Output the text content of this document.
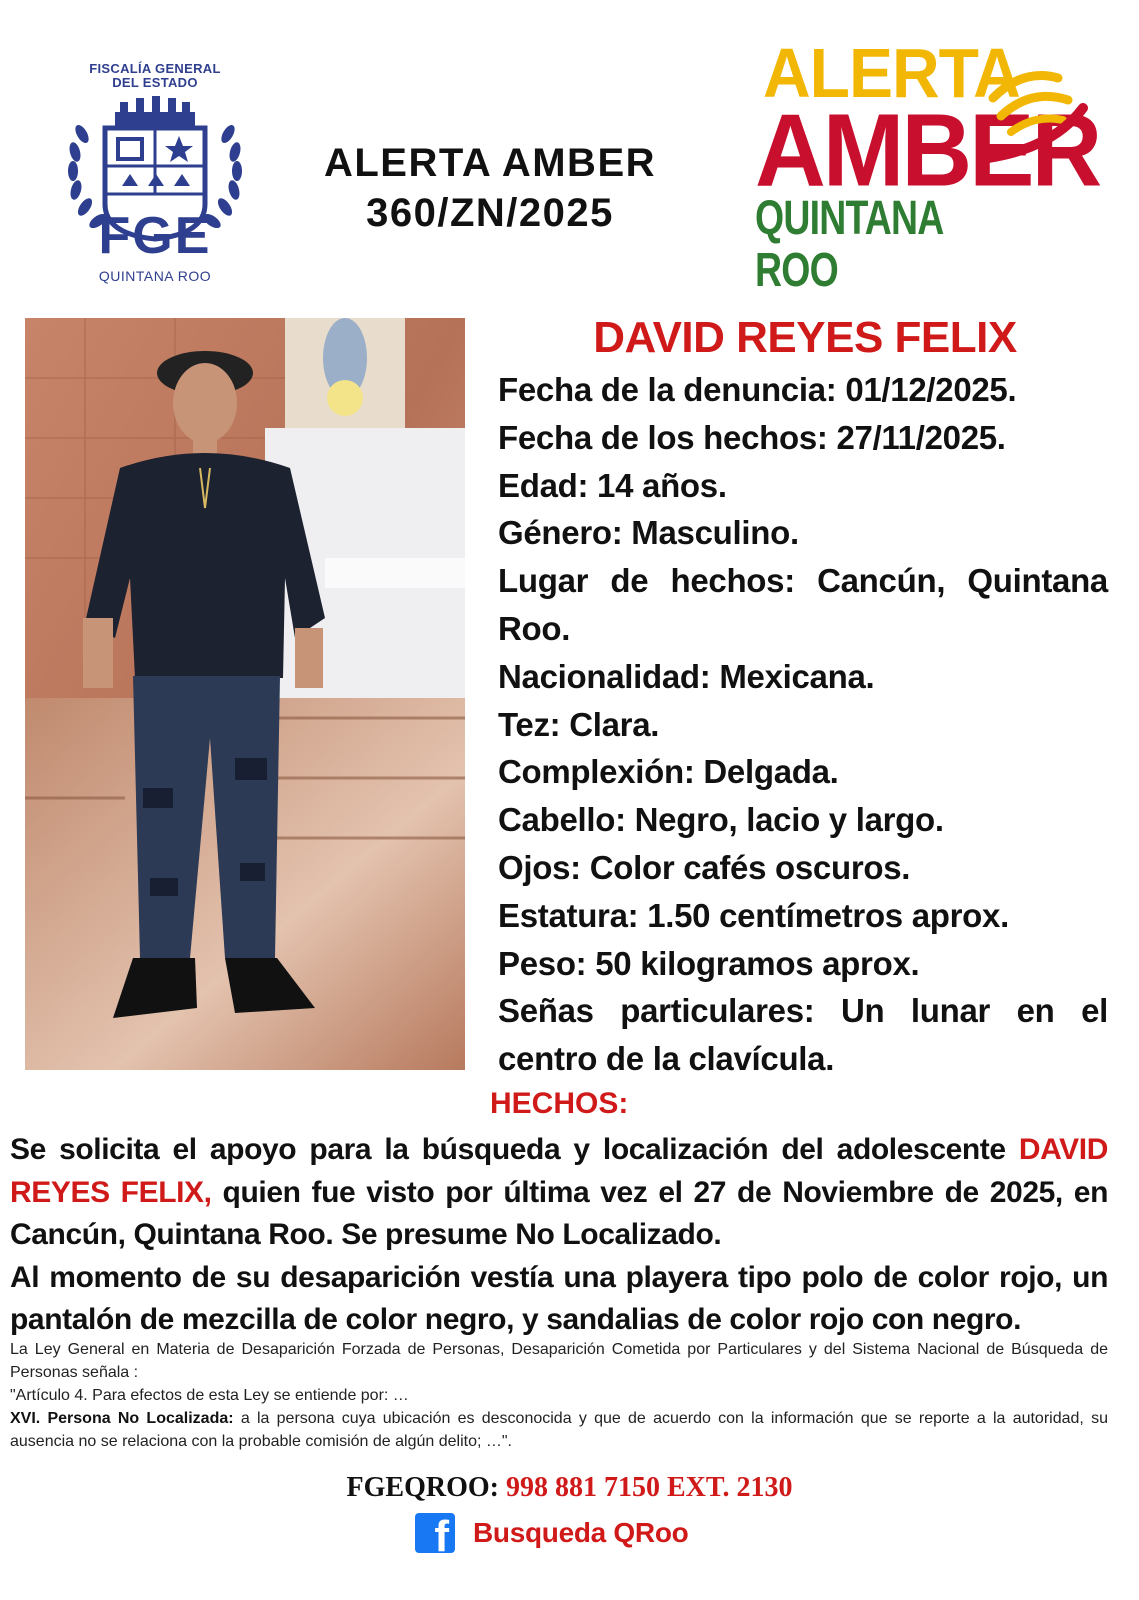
FISCALÍA GENERAL
DEL ESTADO
FGE
QUINTANA ROO
ALERTA AMBER
360/ZN/2025
ALERTA
AMBER
QUINTANA ROO
DAVID REYES FELIX
Fecha de la denuncia: 01/12/2025.
Fecha de los hechos: 27/11/2025.
Edad: 14 años.
Género: Masculino.
Lugar de hechos: Cancún, Quintana Roo.
Nacionalidad: Mexicana.
Tez: Clara.
Complexión: Delgada.
Cabello: Negro, lacio y largo.
Ojos: Color cafés oscuros.
Estatura: 1.50 centímetros aprox.
Peso: 50 kilogramos aprox.
Señas particulares: Un lunar en el centro de la clavícula.
HECHOS:

Se solicita el apoyo para la búsqueda y localización del adolescente DAVID REYES FELIX, quien fue visto por última vez el 27 de Noviembre de 2025, en Cancún, Quintana Roo. Se presume No Localizado.

Al momento de su desaparición vestía una playera tipo polo de color rojo, un pantalón de mezcilla de color negro, y sandalias de color rojo con negro.

La Ley General en Materia de Desaparición Forzada de Personas, Desaparición Cometida por Particulares y del Sistema Nacional de Búsqueda de Personas señala :

"Artículo 4. Para efectos de esta Ley se entiende por: …

XVI. Persona No Localizada: a la persona cuya ubicación es desconocida y que de acuerdo con la información que se reporte a la autoridad, su ausencia no se relaciona con la probable comisión de algún delito; …".

FGEQROO: 998 881 7150 EXT. 2130
f Busqueda QRoo
